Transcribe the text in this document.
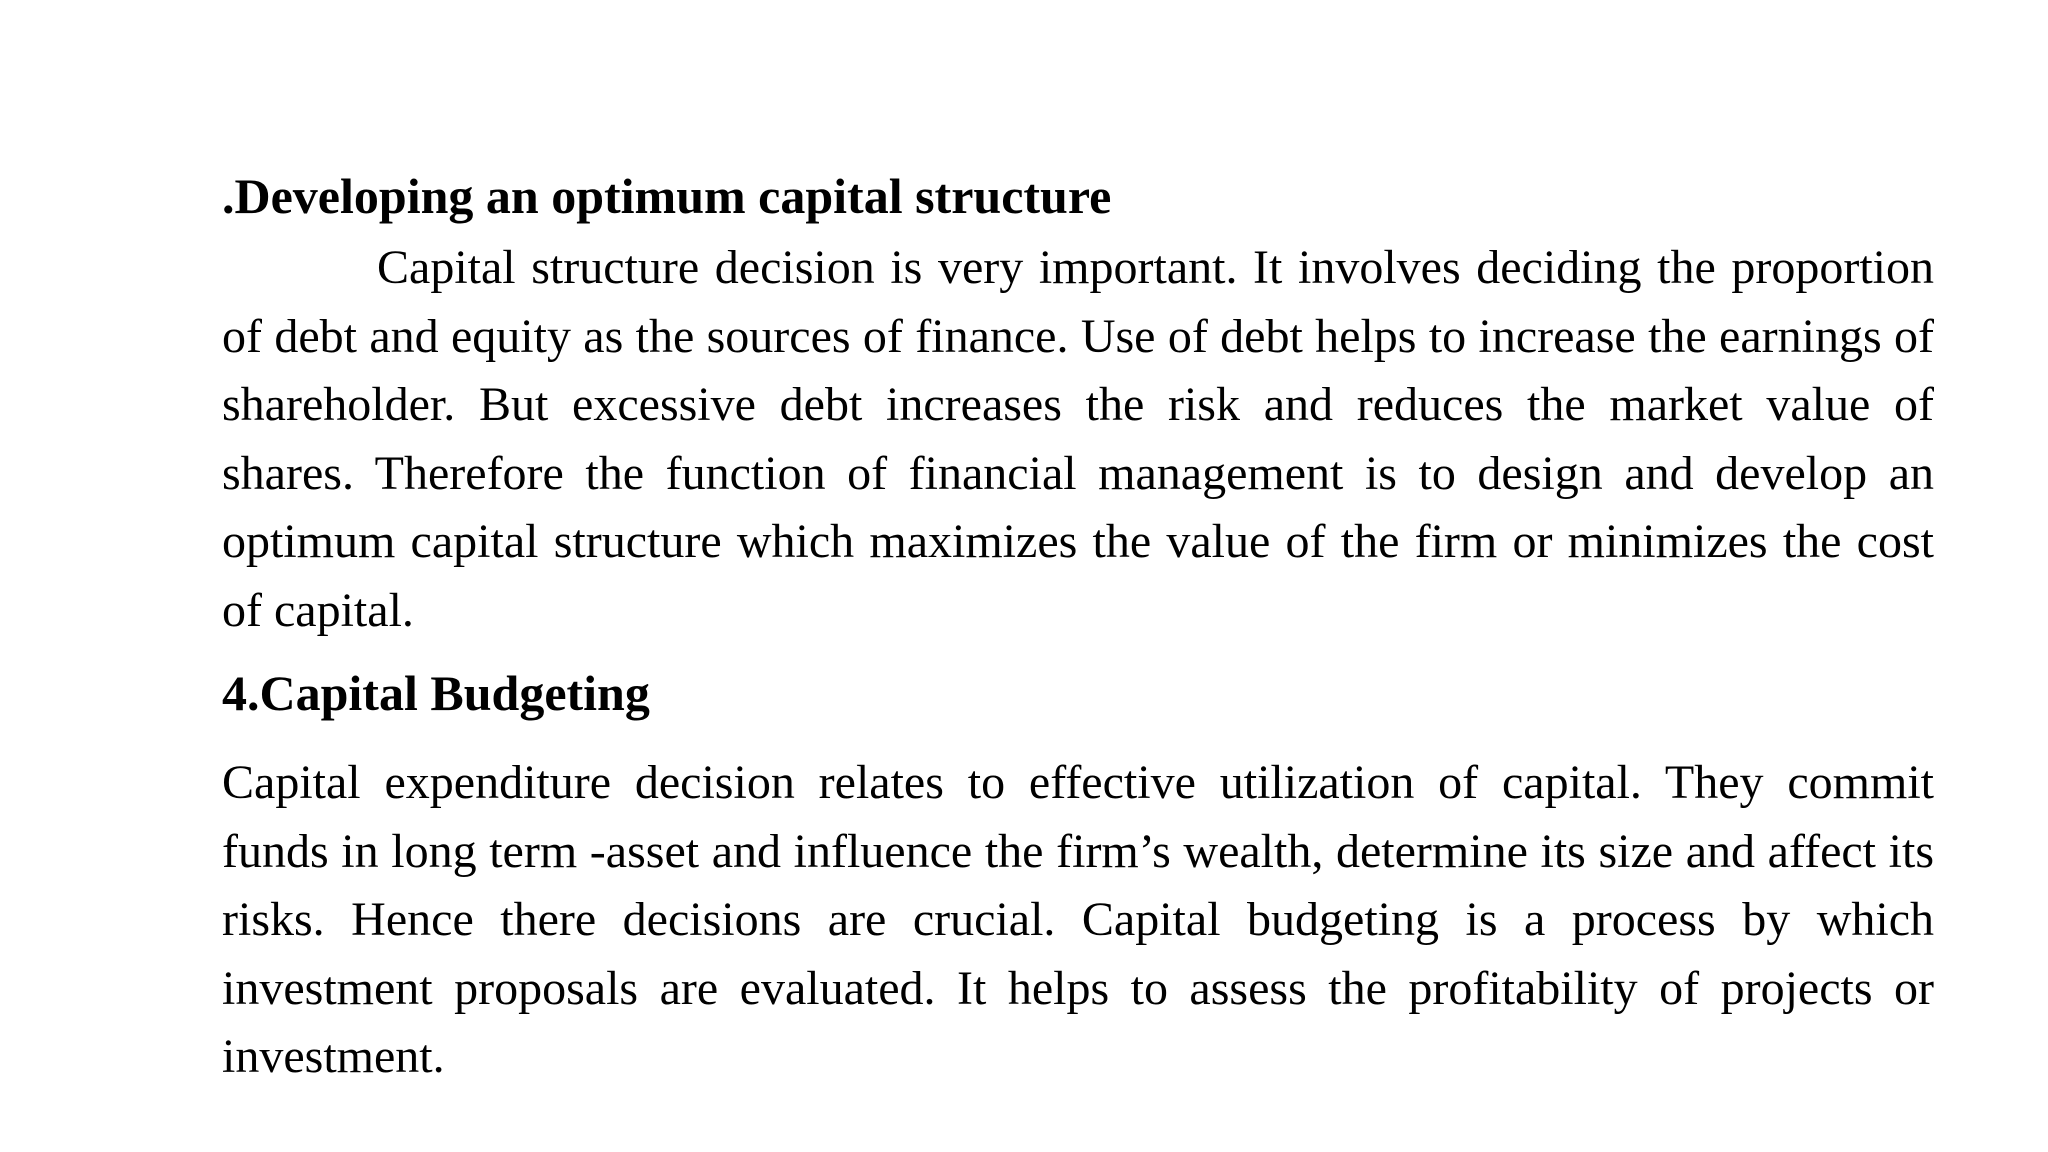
.Developing an optimum capital structure

Capital structure decision is very important. It involves deciding the proportion of debt and equity as the sources of finance. Use of debt helps to increase the earnings of shareholder. But excessive debt increases the risk and reduces the market value of shares. Therefore the function of financial management is to design and develop an optimum capital structure which maximizes the value of the firm or minimizes the cost of capital.

4.Capital Budgeting

Capital expenditure decision relates to effective utilization of capital. They commit funds in long term -asset and influence the firm’s wealth, determine its size and affect its risks. Hence there decisions are crucial. Capital budgeting is a process by which investment proposals are evaluated. It helps to assess the profitability of projects or investment.
